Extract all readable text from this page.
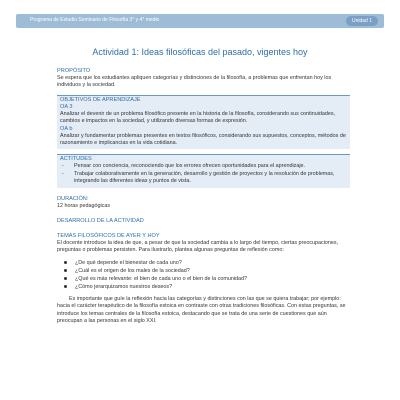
Programa de Estudio Seminario de Filosofía 3° y 4° medio	Unidad 1
Actividad 1: Ideas filosóficas del pasado, vigentes hoy

PROPÓSITO

Se espera que los estudiantes apliquen categorías y distinciones de la filosofía, a problemas que enfrentan hoy los individuos y la sociedad.

OBJETIVOS DE APRENDIZAJE

OA 3

Analizar el devenir de un problema filosófico presente en la historia de la filosofía, considerando sus continuidades, cambios e impactos en la sociedad, y utilizando diversas formas de expresión.

OA b

Analizar y fundamentar problemas presentes en textos filosóficos, considerando sus supuestos, conceptos, métodos de razonamiento e implicancias en la vida cotidiana.

ACTITUDES

- Pensar con conciencia, reconociendo que los errores ofrecen oportunidades para el aprendizaje.
- Trabajar colaborativamente en la generación, desarrollo y gestión de proyectos y la resolución de problemas, integrando las diferentes ideas y puntos de vista.

DURACIÓN:

12 horas pedagógicas

DESARROLLO DE LA ACTIVIDAD

TEMAS FILOSÓFICOS DE AYER Y HOY

El docente introduce la idea de que, a pesar de que la sociedad cambia a lo largo del tiempo, ciertas preocupaciones, preguntas o problemas persisten. Para ilustrarlo, plantea algunas preguntas de reflexión como:

¿De qué depende el bienestar de cada uno?
¿Cuál es el origen de los males de la sociedad?
¿Qué es más relevante: el bien de cada uno o el bien de la comunidad?
¿Cómo jerarquizamos nuestros deseos?

Es importante que guíe la reflexión hacia las categorías y distinciones con las que se quiera trabajar; por ejemplo: hacia el carácter terapéutico de la filosofía estoica en contraste con otras tradiciones filosóficas. Con estas preguntas, se introduce los temas centrales de la filosofía estoica, destacando que se trata de una serie de cuestiones que aún preocupan a las personas en el siglo XXI.
